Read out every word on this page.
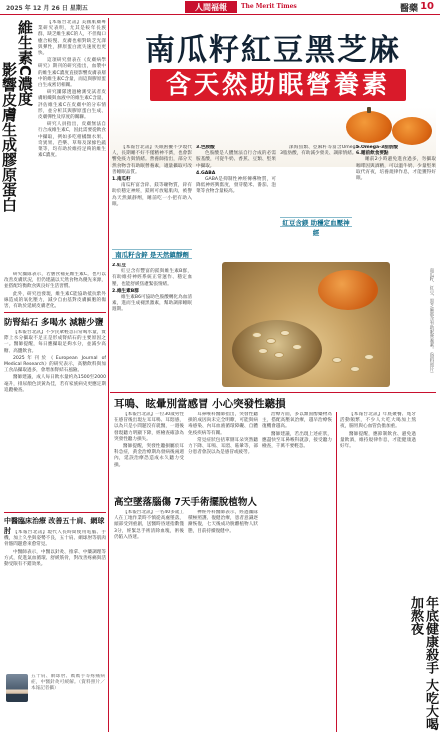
2025 年 12 月 26 日 星期五	人間福報	The Merit Times	醫藥 10
維生素C濃度
影響皮膚生成膠原蛋白

【本報台北訊】美國肌膚專業研究表明，尤其是較年長族群，缺乏維生素C的人，不但傷口癒合較慢、皮膚也相對缺乏光澤與彈性，膠原蛋白流失速度也更快。

這項研究發表在《皮膚病學研究》期刊的研究指出，血漿中的維生素C濃度直接影響皮膚表層中的維生素C含量，而這與膠原蛋白生成密切相關。

研究團隊透過檢測受試者皮膚組織與血液中的維生素C含量，評估維生素C在皮膚中的分布情形，並分析其與膠原蛋白生成、皮膚彈性及厚度的關聯。

研究人員指出，皮膚無法自行合成維生素C，因此需要從飲食中攝取，例如多吃柑橘類水果、奇異果、芭樂、草莓及深綠色蔬菜等，均有助於維持足夠的維生素C濃度。

研究團隊表示，若膳食補充維生素C，也可以改善皮膚狀況，但仍建議以天然食物為優先來源，並搭配均衡飲食與良好生活習慣。

此外，研究也發現，維生素C能協助抵抗紫外線造成的氧化壓力，減少自由基對皮膚細胞的傷害，有助於延緩皮膚老化。

防腎結石 多喝水 減糖少鹽

【本報台北訊】不少民眾輕忽日常喝水量，實際上水分攝取不足正是形成腎結石的主要原因之一。醫師提醒，每日應攝取足夠水分，並減少高糖、高鹽飲食。

2025年刊於《European Journal of Medical Research》的研究表示，高糖飲料與加工食品攝取過多，會增加腎結石風險。

醫師建議，成人每日飲水量約為1500至2000毫升，排尿顏色淡黃為佳，若有家族病史更應定期追蹤檢查。

中醫臨床治療 改善五十肩、網球肘 【本報台北訊】現代人長時間使用電腦、手機，加上久坐與姿勢不良，五十肩、網球肘等肌肉骨骼問題愈來愈常見。

中醫師表示，中醫以針灸、推拿、中藥調理等方式，促進氣血循環、舒緩筋骨，對改善疼痛與活動受限有不錯效果。

五十肩、網球肘、媽媽手等疼痛病症，中醫針灸可緩解。（資料照片／本報記者攝）
南瓜籽紅豆黑芝麻
含天然助眠營養素

【本報台北訊】失眠困擾不少現代人，長期睡不好不僅精神不濟，也會影響免疫力與情緒。營養師指出，部分天然食物含有助眠營養素，適量攝取可改善睡眠品質。

1.南瓜籽

南瓜籽富含鋅、鎂等礦物質，鋅有助於穩定神經，鎂則可放鬆肌肉，被譽為天然鎮靜劑，睡前吃一小把有助入眠。

南瓜籽含鋅 是天然鎮靜劑

2.紅豆

紅豆含有豐富的鎂與維生素B群，有助維持神經系統正常運作、穩定血壓，也能舒緩焦慮緊張情緒。

2.維生素B群

維生素B6可協助色胺酸轉化為血清素，進而生成褪黑激素，幫助調節睡眠週期。

3.色胺酸

色胺酸是人體無法自行合成的必需胺基酸，可從牛奶、香蕉、豆類、堅果中攝取。

4.GABA

GABA是抑制性神經傳導物質，可降低神經興奮度，發芽糙米、番茄、泡菜等食物含量較高。

深海魚類、亞麻籽等富含Omega-3脂肪酸，有助減少發炎、調節情緒。

紅豆含鎂 助穩定血壓神經

5.Omega-3脂肪酸

6.睡前飲食要點

睡前2小時避免進食過多，勿攝取咖啡因與酒精，可以溫牛奶、少量堅果取代宵夜，培養規律作息，才能獲得好眠。

南瓜籽、紅豆、黑芝麻都含有助眠營養素。（資料照片）
耳鳴、眩暈別當感冒 小心突發性聽損

【本報台北訊】一位30歲男性在感冒後出現左耳耳鳴、耳悶感，以為只是小問題沒有就醫，一週後發現聽力明顯下降，經檢查確診為突發性聽力損失。

醫師提醒，突發性聽損屬於耳科急症，黃金治療期為發病後兩週內，延誤治療恐造成永久聽力受損。

耳鼻喉科醫師指出，突發性聽損的成因尚未完全明瞭，可能與病毒感染、內耳血液循環障礙、自體免疫疾病等有關。

常見症狀包括單側耳朵突然聽力下降、耳鳴、耳悶、眩暈等，部分患者會誤以為是感冒或疲勞。

治療方面，多以類固醇藥物為主，搭配高壓氧治療，越早治療恢復機會越高。

醫師建議，若出現上述症狀，應盡快至耳鼻喉科就診，接受聽力檢查，千萬不要輕忽。

高空墜落腦傷 7天手術擺脫植物人

【本報台北訊】一名40多歲工人在工地作業時不慎從高處墜落，頭部受到重創，送醫時昏迷指數僅3分，經緊急手術清除血塊，術後仍陷入昏迷。

神經外科醫師表示，經過團隊積極照護、復健治療，患者意識逐漸恢復，七天後成功脫離植物人狀態，目前持續復健中。

【本報台北訊】年底聚餐、尾牙活動頻繁，不少人大吃大喝加上熬夜，腸胃與心血管負擔加重。

醫師提醒，應節制飲食、避免過量飲酒，維持規律作息，才能健康過好年。

年底健康殺手 大吃大喝加熬夜
